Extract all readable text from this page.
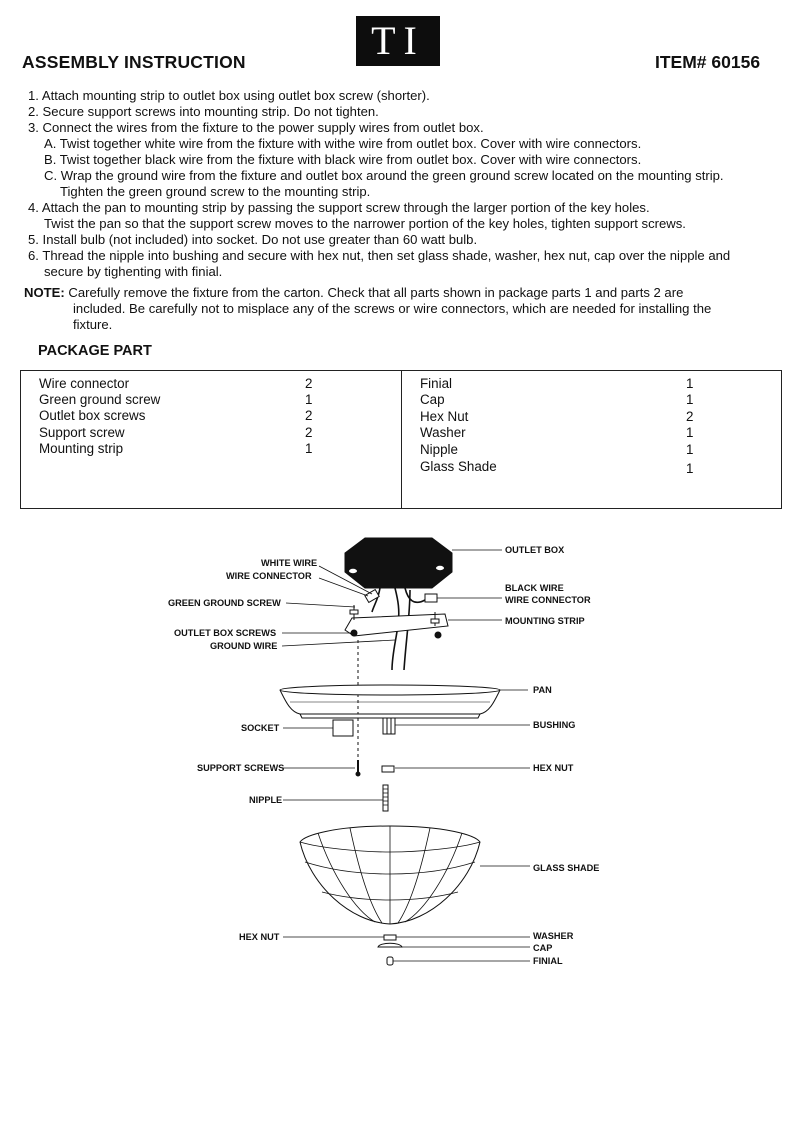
ASSEMBLY INSTRUCTION	TI	ITEM# 60156
1. Attach mounting strip to outlet box using outlet box screw (shorter).
2. Secure support screws into mounting strip. Do not tighten.
3. Connect the wires from the fixture to the power supply wires from outlet box.
A. Twist together white wire from the fixture with withe wire from outlet box. Cover with wire connectors.
B. Twist together black wire from the fixture with black wire from outlet box. Cover with wire connectors.
C. Wrap the ground wire from the fixture and outlet box around the green ground screw located on the mounting strip.
Tighten the green ground screw to the mounting strip.
4. Attach the pan to mounting strip by passing the support screw through the larger portion of the key holes.
Twist the pan so that the support screw moves to the narrower portion of the key holes, tighten support screws.
5. Install bulb (not included) into socket. Do not use greater than 60 watt bulb.
6. Thread the nipple into bushing and secure with hex nut, then set glass shade, washer, hex nut, cap over the nipple and
secure by tighenting with finial.
NOTE: Carefully remove the fixture from the carton. Check that all parts shown in package parts 1 and parts 2 are
included. Be carefully not to misplace any of the screws or wire connectors, which are needed for installing the
fixture.
PACKAGE PART
Wire connector	2
Green ground screw	1
Outlet box screws	2
Support screw	2
Mounting strip	1
Finial	1
Cap	1
Hex Nut	2
Washer	1
Nipple	1
Glass Shade	1
OUTLET BOX
WHITE WIRE
WIRE CONNECTOR
BLACK WIRE
WIRE CONNECTOR
GREEN GROUND SCREW
MOUNTING STRIP
OUTLET BOX SCREWS
GROUND WIRE
PAN
SOCKET	BUSHING
SUPPORT SCREWS	HEX NUT
NIPPLE
GLASS SHADE
HEX NUT	WASHER
CAP
FINIAL
